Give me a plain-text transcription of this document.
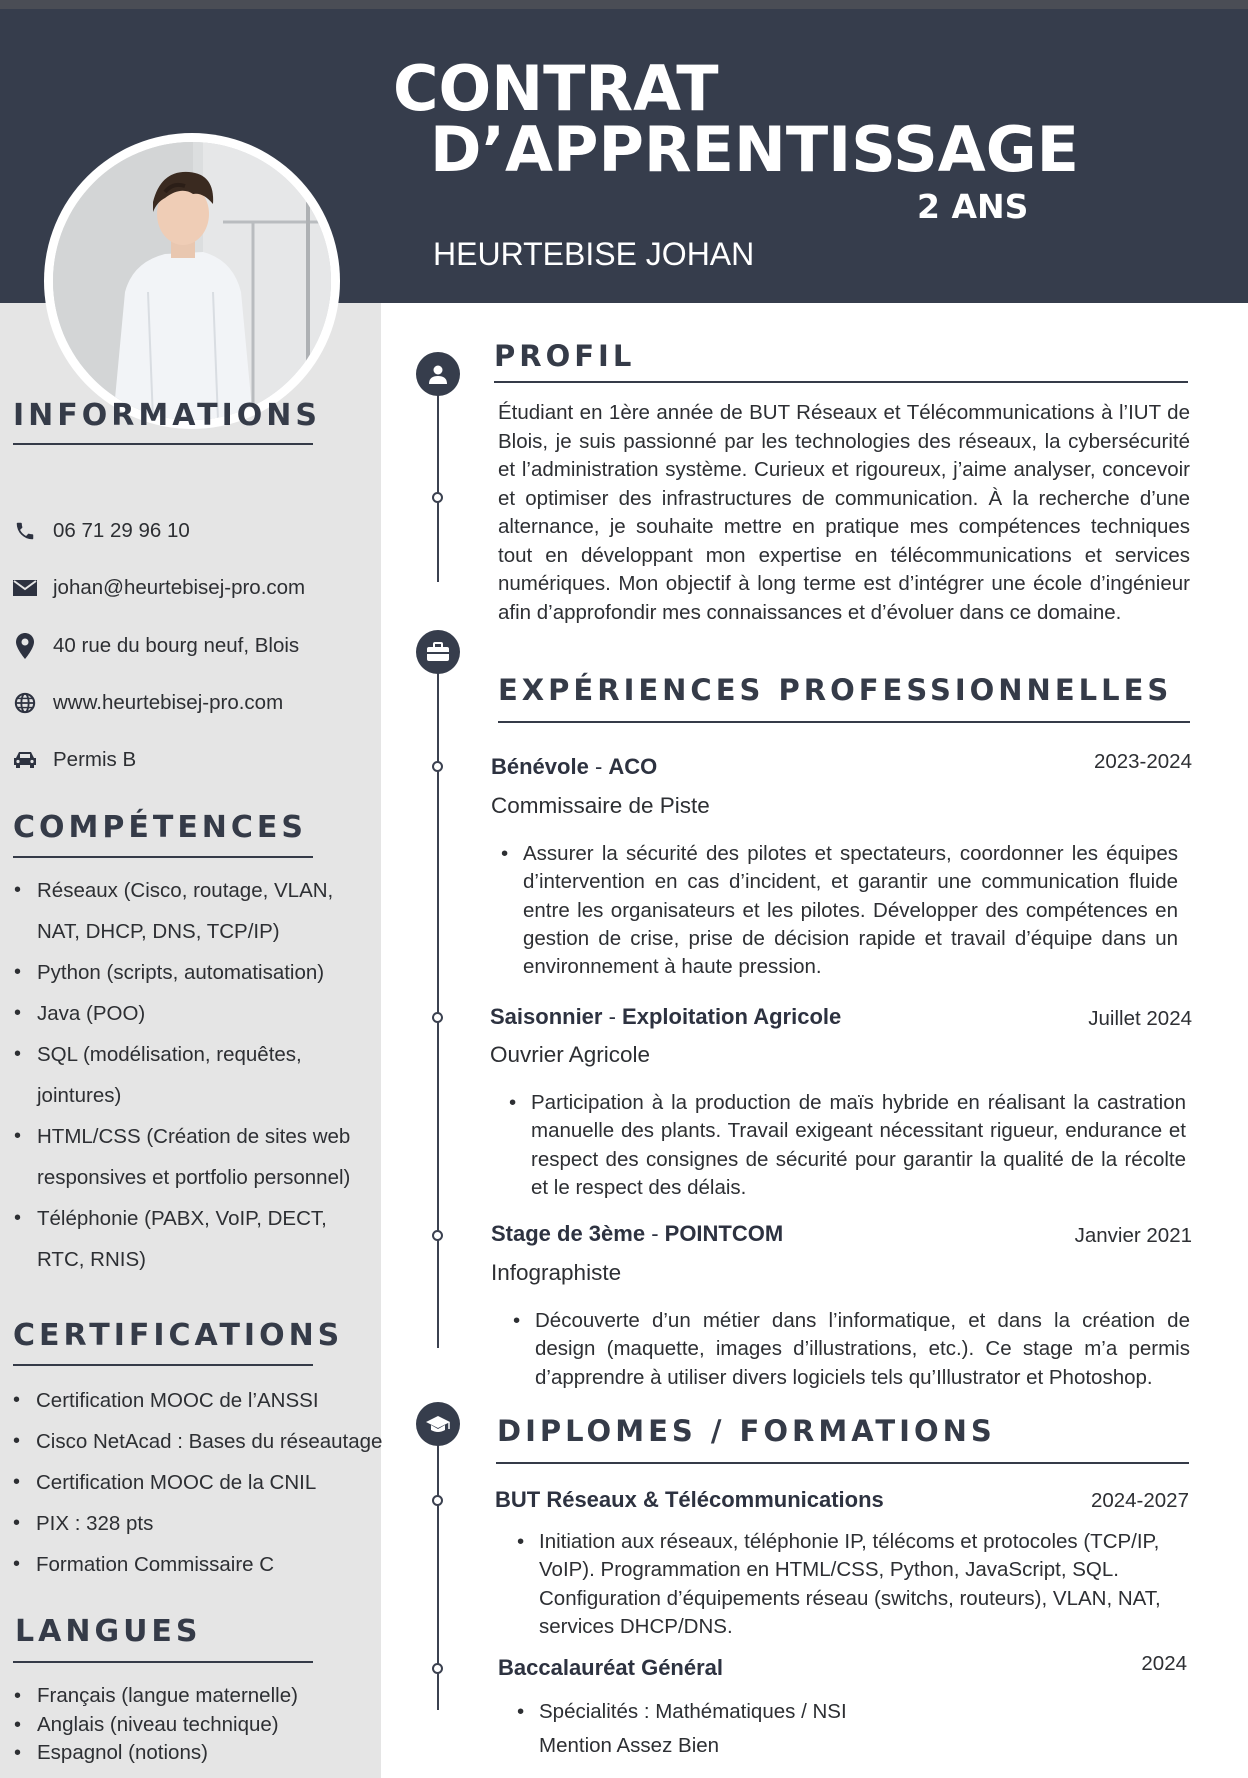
CONTRAT
D’APPRENTISSAGE
2 ANS
HEURTEBISE JOHAN
INFORMATIONS
06 71 29 96 10
johan@heurtebisej-pro.com
40 rue du bourg neuf, Blois
www.heurtebisej-pro.com
Permis B
COMPÉTENCES
• Réseaux (Cisco, routage, VLAN,
NAT, DHCP, DNS, TCP/IP)
• Python (scripts, automatisation)
• Java (POO)
• SQL (modélisation, requêtes,
jointures)
• HTML/CSS (Création de sites web
responsives et portfolio personnel)
• Téléphonie (PABX, VoIP, DECT,
RTC, RNIS)
CERTIFICATIONS
• Certification MOOC de l’ANSSI
• Cisco NetAcad : Bases du réseautage
• Certification MOOC de la CNIL
• PIX : 328 pts
• Formation Commissaire C
LANGUES
• Français (langue maternelle)
• Anglais (niveau technique)
• Espagnol (notions)
PROFIL
Étudiant en 1ère année de BUT Réseaux et Télécommunications à l’IUT de Blois, je suis passionné par les technologies des réseaux, la cybersécurité et l’administration système. Curieux et rigoureux, j’aime analyser, concevoir et optimiser des infrastructures de communication. À la recherche d’une alternance, je souhaite mettre en pratique mes compétences techniques tout en développant mon expertise en télécommunications et services numériques. Mon objectif à long terme est d’intégrer une école d’ingénieur afin d’approfondir mes connaissances et d’évoluer dans ce domaine.
EXPÉRIENCES PROFESSIONNELLES
Bénévole - ACO	2023-2024
Commissaire de Piste
• Assurer la sécurité des pilotes et spectateurs, coordonner les équipes d’intervention en cas d’incident, et garantir une communication fluide entre les organisateurs et les pilotes. Développer des compétences en gestion de crise, prise de décision rapide et travail d’équipe dans un environnement à haute pression.
Saisonnier - Exploitation Agricole	Juillet 2024
Ouvrier Agricole
• Participation à la production de maïs hybride en réalisant la castration manuelle des plants. Travail exigeant nécessitant rigueur, endurance et respect des consignes de sécurité pour garantir la qualité de la récolte et le respect des délais.
Stage de 3ème - POINTCOM	Janvier 2021
Infographiste
• Découverte d’un métier dans l’informatique, et dans la création de design (maquette, images d’illustrations, etc.). Ce stage m’a permis d’apprendre à utiliser divers logiciels tels qu’Illustrator et Photoshop.
DIPLOMES / FORMATIONS
BUT Réseaux & Télécommunications	2024-2027
• Initiation aux réseaux, téléphonie IP, télécoms et protocoles (TCP/IP, VoIP). Programmation en HTML/CSS, Python, JavaScript, SQL. Configuration d’équipements réseau (switchs, routeurs), VLAN, NAT, services DHCP/DNS.
Baccalauréat Général	2024
• Spécialités : Mathématiques / NSI
Mention Assez Bien
